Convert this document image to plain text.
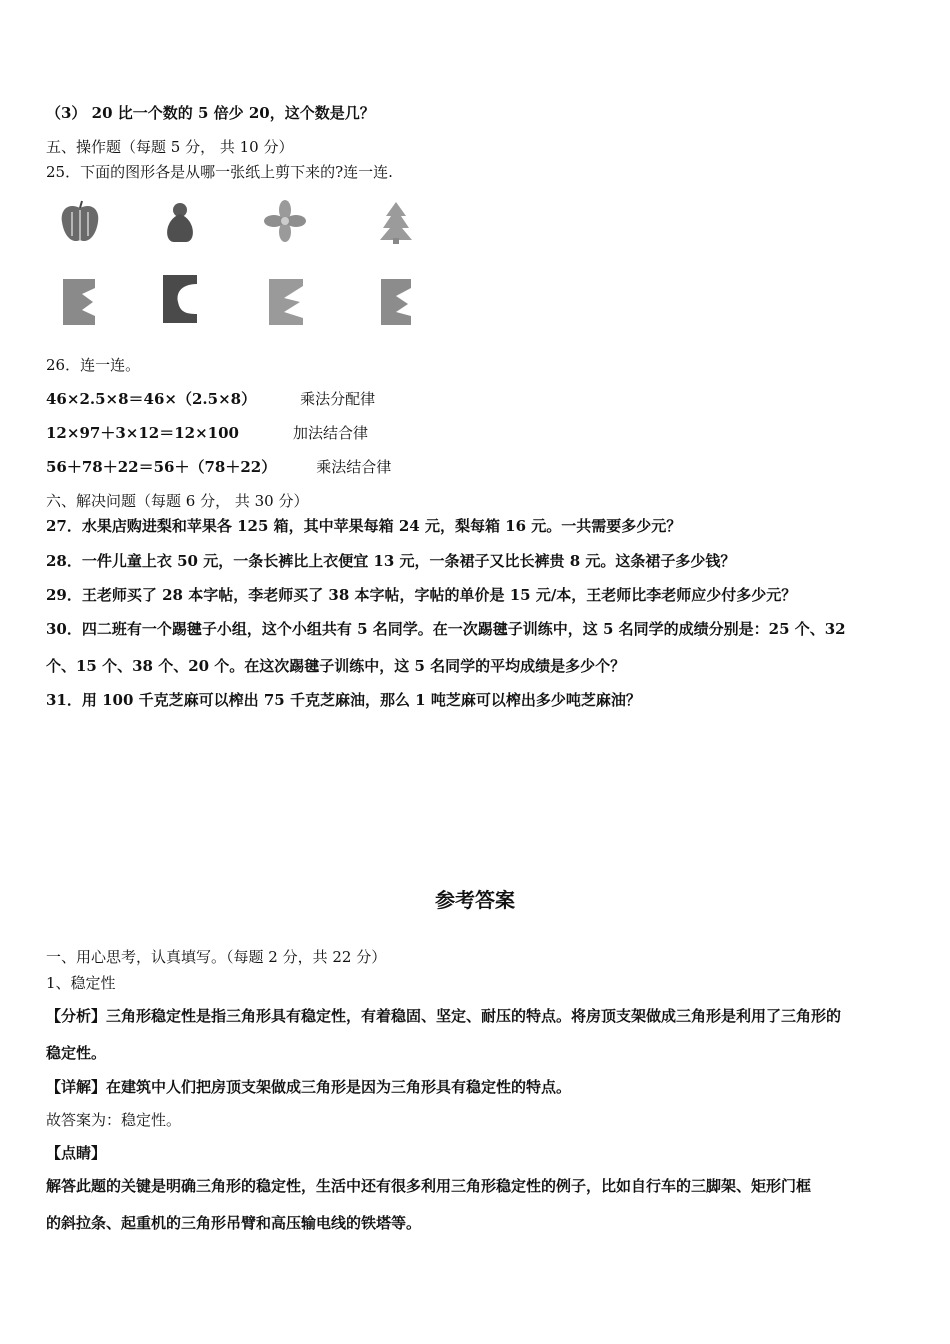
（3） 20 比一个数的 5 倍少 20，这个数是几？
五、操作题（每题 5 分， 共 10 分）
25．下面的图形各是从哪一张纸上剪下来的?连一连.
26．连一连。
46×2.5×8＝46×（2.5×8）	乘法分配律
12×97＋3×12＝12×100	加法结合律
56＋78＋22＝56＋（78＋22）	乘法结合律
六、解决问题（每题 6 分， 共 30 分）
27．水果店购进梨和苹果各 125 箱，其中苹果每箱 24 元，梨每箱 16 元。一共需要多少元？
28．一件儿童上衣 50 元，一条长裤比上衣便宜 13 元，一条裙子又比长裤贵 8 元。这条裙子多少钱？
29．王老师买了 28 本字帖，李老师买了 38 本字帖，字帖的单价是 15 元/本，王老师比李老师应少付多少元？
30．四二班有一个踢毽子小组，这个小组共有 5 名同学。在一次踢毽子训练中，这 5 名同学的成绩分别是：25 个、32
个、15 个、38 个、20 个。在这次踢毽子训练中，这 5 名同学的平均成绩是多少个？
31．用 100 千克芝麻可以榨出 75 千克芝麻油，那么 1 吨芝麻可以榨出多少吨芝麻油？
参考答案
一、用心思考，认真填写。（每题 2 分，共 22 分）
1、稳定性
【分析】三角形稳定性是指三角形具有稳定性，有着稳固、坚定、耐压的特点。将房顶支架做成三角形是利用了三角形的
稳定性。
【详解】在建筑中人们把房顶支架做成三角形是因为三角形具有稳定性的特点。
故答案为：稳定性。
【点睛】
解答此题的关键是明确三角形的稳定性，生活中还有很多利用三角形稳定性的例子，比如自行车的三脚架、矩形门框
的斜拉条、起重机的三角形吊臂和高压输电线的铁塔等。
